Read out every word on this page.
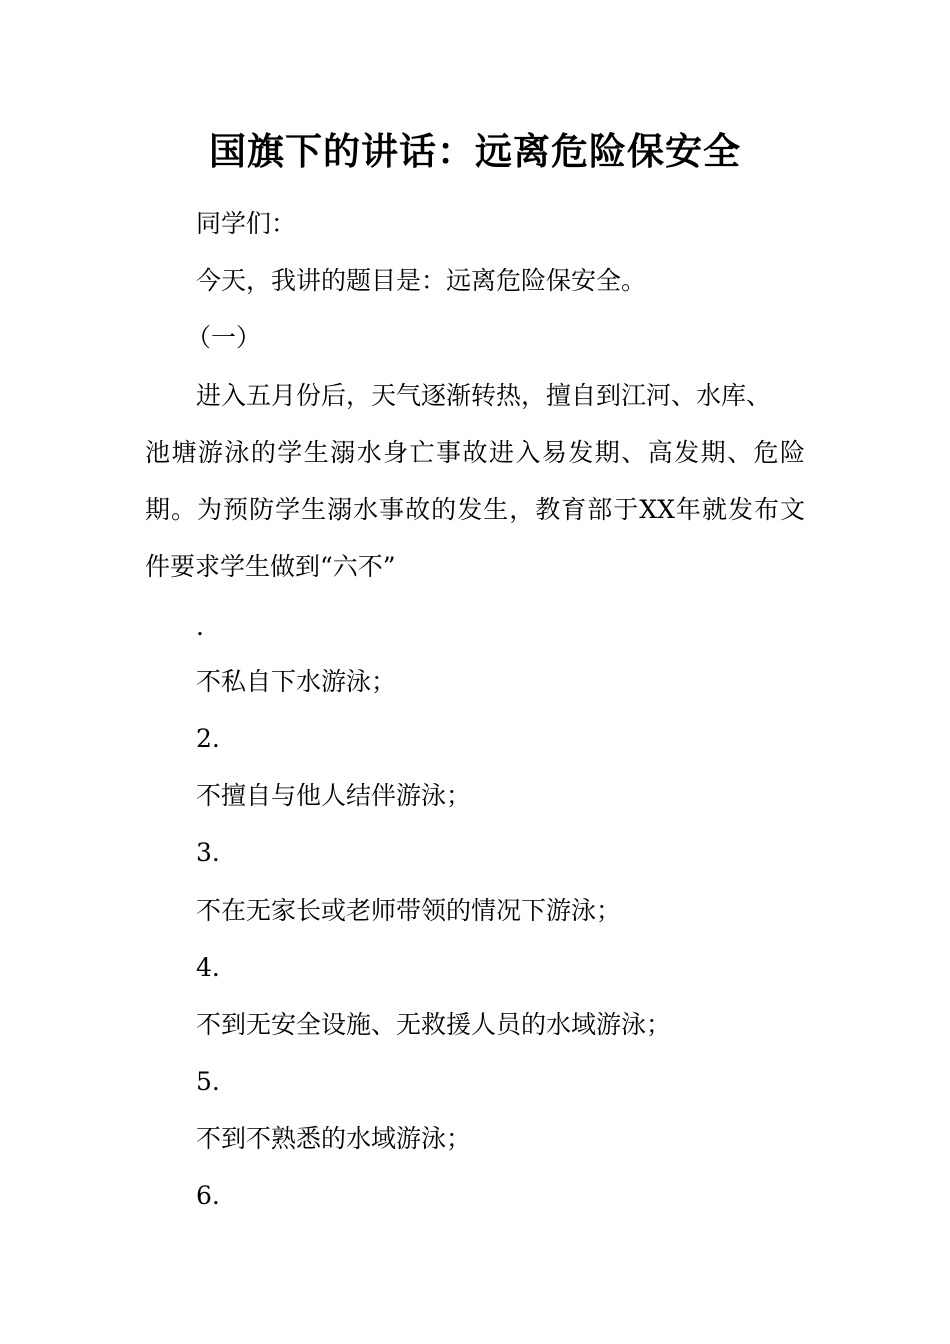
国旗下的讲话：远离危险保安全
同学们：
今天，我讲的题目是：远离危险保安全。
（一）
进入五月份后，天气逐渐转热，擅自到江河、水库、
池塘游泳的学生溺水身亡事故进入易发期、高发期、危险
期。为预防学生溺水事故的发生，教育部于XX年就发布文
件要求学生做到“六不”
.
不私自下水游泳；
2.
不擅自与他人结伴游泳；
3.
不在无家长或老师带领的情况下游泳；
4.
不到无安全设施、无救援人员的水域游泳；
5.
不到不熟悉的水域游泳；
6.
